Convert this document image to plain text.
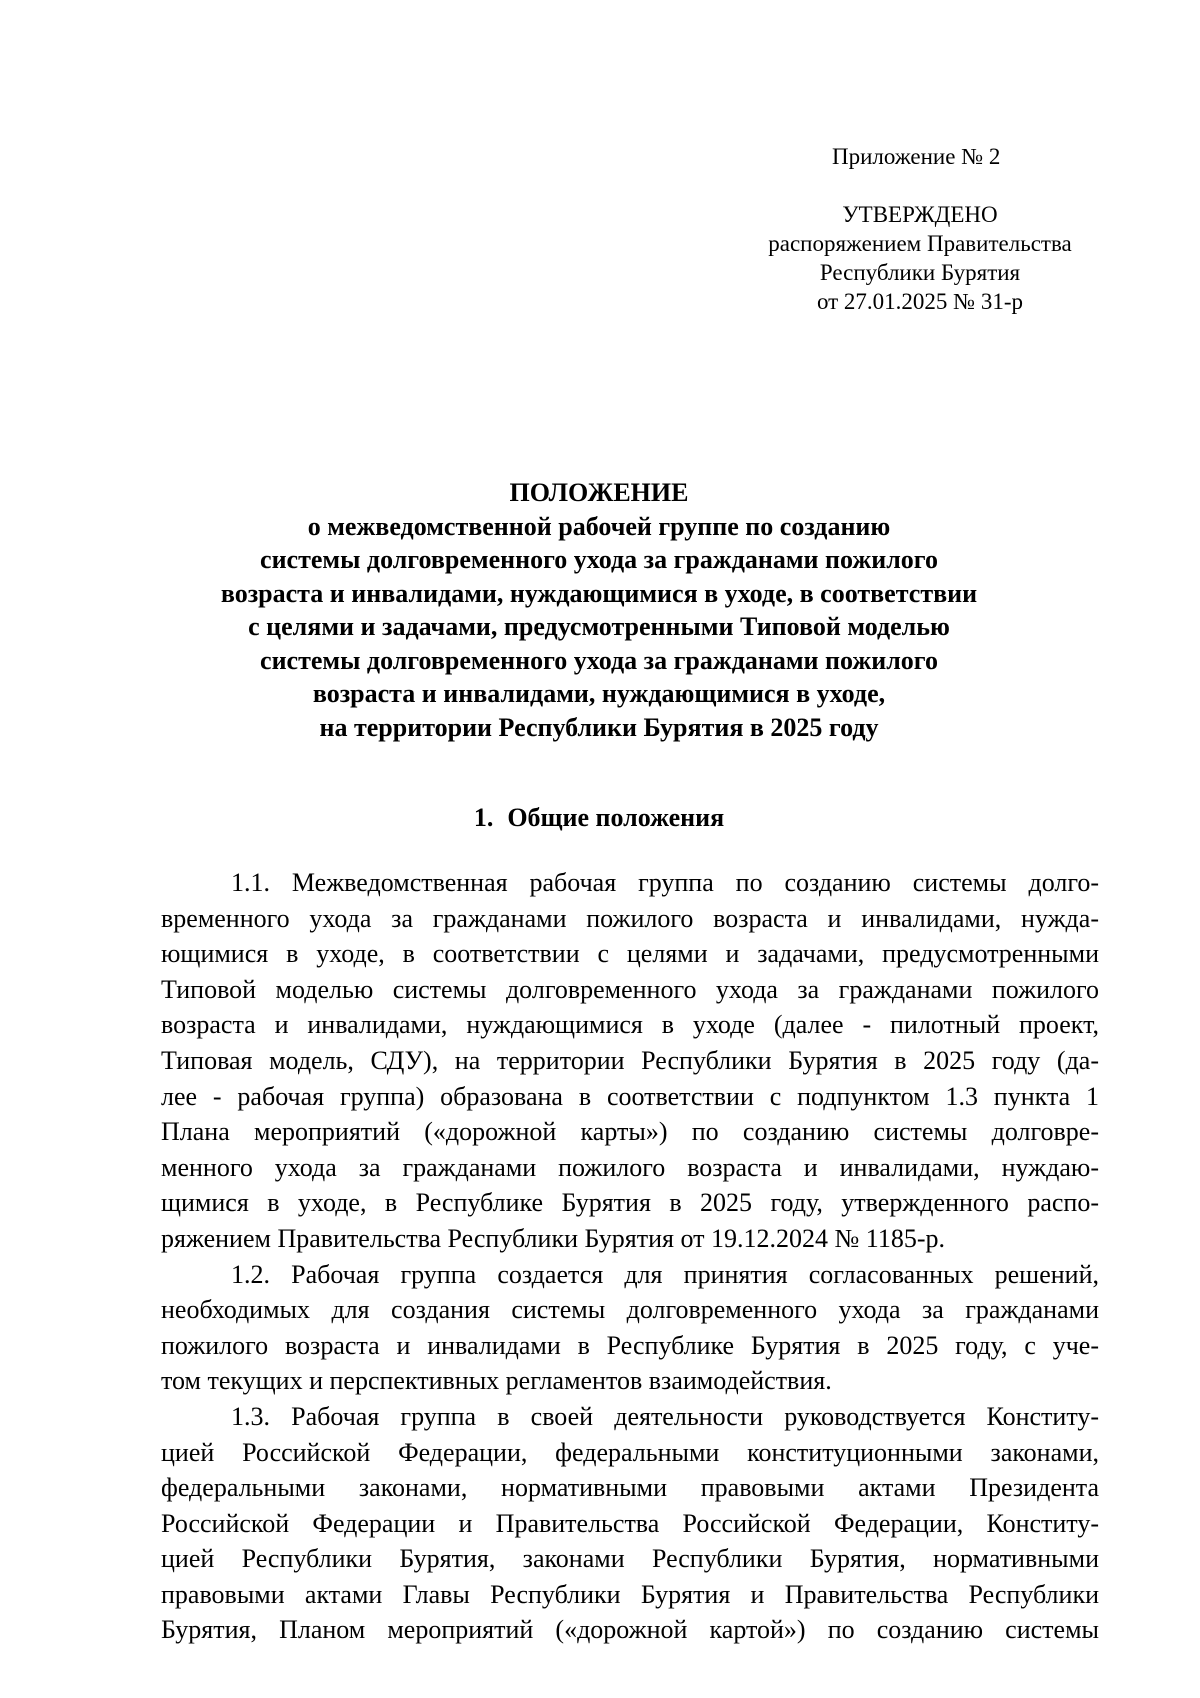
Приложение № 2
УТВЕРЖДЕНО
распоряжением Правительства
Республики Бурятия
от 27.01.2025 № 31-р
ПОЛОЖЕНИЕ
о межведомственной рабочей группе по созданию
системы долговременного ухода за гражданами пожилого
возраста и инвалидами, нуждающимися в уходе, в соответствии
с целями и задачами, предусмотренными Типовой моделью
системы долговременного ухода за гражданами пожилого
возраста и инвалидами, нуждающимися в уходе,
на территории Республики Бурятия в 2025 году
1. Общие положения
1.1. Межведомственная рабочая группа по созданию системы долго-
временного ухода за гражданами пожилого возраста и инвалидами, нужда-
ющимися в уходе, в соответствии с целями и задачами, предусмотренными
Типовой моделью системы долговременного ухода за гражданами пожилого
возраста и инвалидами, нуждающимися в уходе (далее - пилотный проект,
Типовая модель, СДУ), на территории Республики Бурятия в 2025 году (да-
лее - рабочая группа) образована в соответствии с подпунктом 1.3 пункта 1
Плана мероприятий («дорожной карты») по созданию системы долговре-
менного ухода за гражданами пожилого возраста и инвалидами, нуждаю-
щимися в уходе, в Республике Бурятия в 2025 году, утвержденного распо-
ряжением Правительства Республики Бурятия от 19.12.2024 № 1185-р.
1.2. Рабочая группа создается для принятия согласованных решений,
необходимых для создания системы долговременного ухода за гражданами
пожилого возраста и инвалидами в Республике Бурятия в 2025 году, с уче-
том текущих и перспективных регламентов взаимодействия.
1.3. Рабочая группа в своей деятельности руководствуется Конститу-
цией Российской Федерации, федеральными конституционными законами,
федеральными законами, нормативными правовыми актами Президента
Российской Федерации и Правительства Российской Федерации, Конститу-
цией Республики Бурятия, законами Республики Бурятия, нормативными
правовыми актами Главы Республики Бурятия и Правительства Республики
Бурятия, Планом мероприятий («дорожной картой») по созданию системы
